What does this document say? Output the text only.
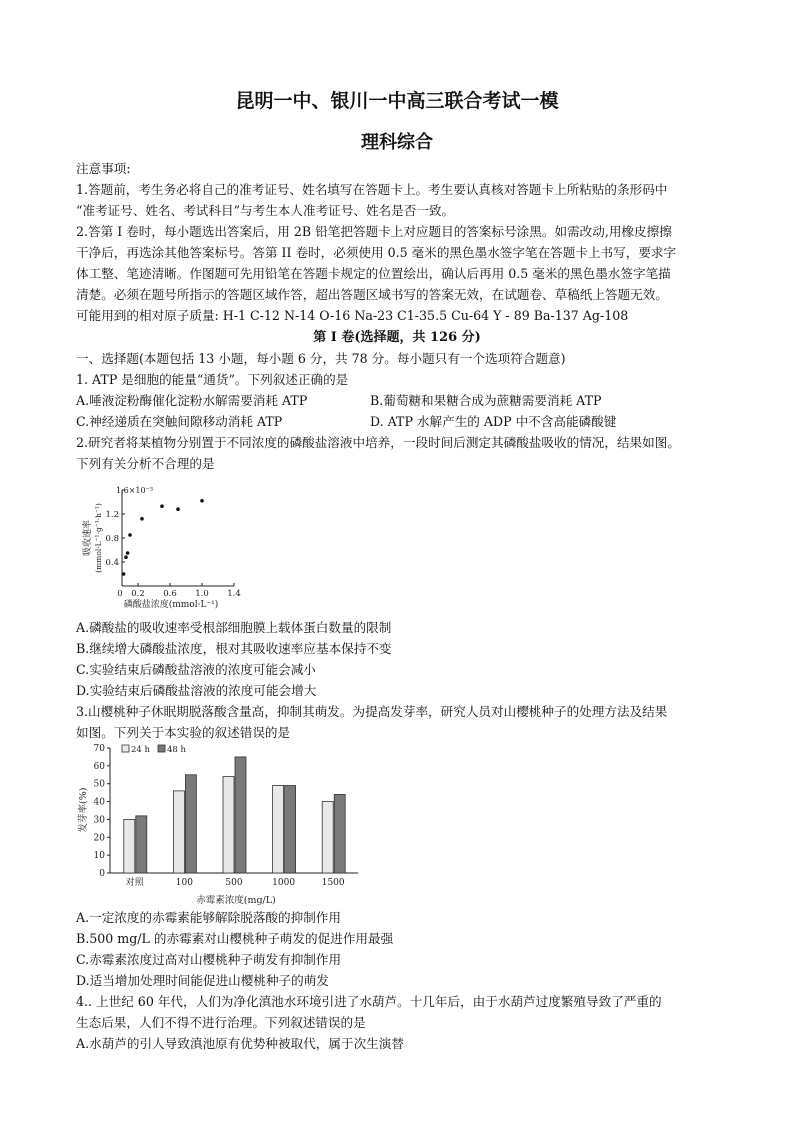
昆明一中、银川一中高三联合考试一模
理科综合
注意事项:
1.答题前，考生务必将自己的准考证号、姓名填写在答题卡上。考生要认真核对答题卡上所粘贴的条形码中
“准考证号、姓名、考试科目”与考生本人准考证号、姓名是否一致。
2.答第 I 卷时，每小题选出答案后，用 2B 铅笔把答题卡上对应题目的答案标号涂黑。如需改动,用橡皮擦擦
干净后，再选涂其他答案标号。答第 II 卷时，必须使用 0.5 毫米的黑色墨水签字笔在答题卡上书写，要求字
体工整、笔迹清晰。作图题可先用铅笔在答题卡规定的位置绘出，确认后再用 0.5 毫米的黑色墨水签字笔描
清楚。必须在题号所指示的答题区域作答，超出答题区域书写的答案无效，在试题卷、草稿纸上答题无效。
可能用到的相对原子质量: H-1 C-12 N-14 O-16 Na-23 C1-35.5 Cu-64 Y - 89 Ba-137 Ag-108
第 I 卷(选择题，共 126 分)
一、选择题(本题包括 13 小题，每小题 6 分，共 78 分。每小题只有一个选项符合题意)
1. ATP 是细胞的能量“通货”。下列叙述正确的是
A.唾液淀粉酶催化淀粉水解需要消耗 ATP	B.葡萄糖和果糖合成为蔗糖需要消耗 ATP
C.神经递质在突触间隙移动消耗 ATP	D. ATP 水解产生的 ADP 中不含高能磷酸键
2.研究者将某植物分别置于不同浓度的磷酸盐溶液中培养，一段时间后测定其磷酸盐吸收的情况，结果如图。
下列有关分析不合理的是
0 0.2 0.6 1.0 1.4
0.4
0.8
1.2
1.6×10⁻³
磷酸盐浓度(mmol·L⁻¹)
吸收速率 (mmol·L⁻¹·g⁻¹·h⁻¹)
A.磷酸盐的吸收速率受根部细胞膜上载体蛋白数量的限制
B.继续增大磷酸盐浓度，根对其吸收速率应基本保持不变
C.实验结束后磷酸盐溶液的浓度可能会减小
D.实验结束后磷酸盐溶液的浓度可能会增大
3.山樱桃种子休眠期脱落酸含量高，抑制其萌发。为提高发芽率，研究人员对山樱桃种子的处理方法及结果
如图。下列关于本实验的叙述错误的是
0
10
20
30
40
50
60
70
对照	100	500	1000	1500
24 h 48 h
赤霉素浓度(mg/L)
发芽率(%)
A.一定浓度的赤霉素能够解除脱落酸的抑制作用
B.500 mg/L 的赤霉素对山樱桃种子萌发的促进作用最强
C.赤霉素浓度过高对山樱桃种子萌发有抑制作用
D.适当增加处理时间能促进山樱桃种子的萌发
4.. 上世纪 60 年代，人们为净化滇池水环境引进了水葫芦。十几年后，由于水葫芦过度繁殖导致了严重的
生态后果，人们不得不进行治理。下列叙述错误的是
A.水葫芦的引人导致滇池原有优势种被取代，属于次生演替
